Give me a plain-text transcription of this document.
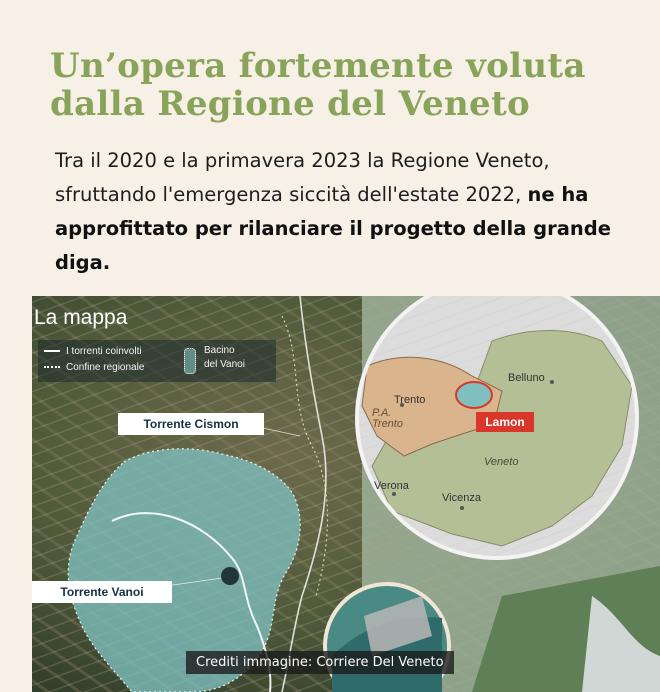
Un’opera fortemente voluta
dalla Regione del Veneto

Tra il 2020 e la primavera 2023 la Regione Veneto, sfruttando l'emergenza siccità dell'estate 2022, ne ha approfittato per rilanciare il progetto della grande diga.

La mappa
I torrenti coinvolti
Confine regionale
Bacino
del Vanoi
Torrente Cismon
Torrente Vanoi
Belluno
Trento
P.A.
Trento	Lamon
Veneto
Verona
Vicenza
Crediti immagine: Corriere Del Veneto
